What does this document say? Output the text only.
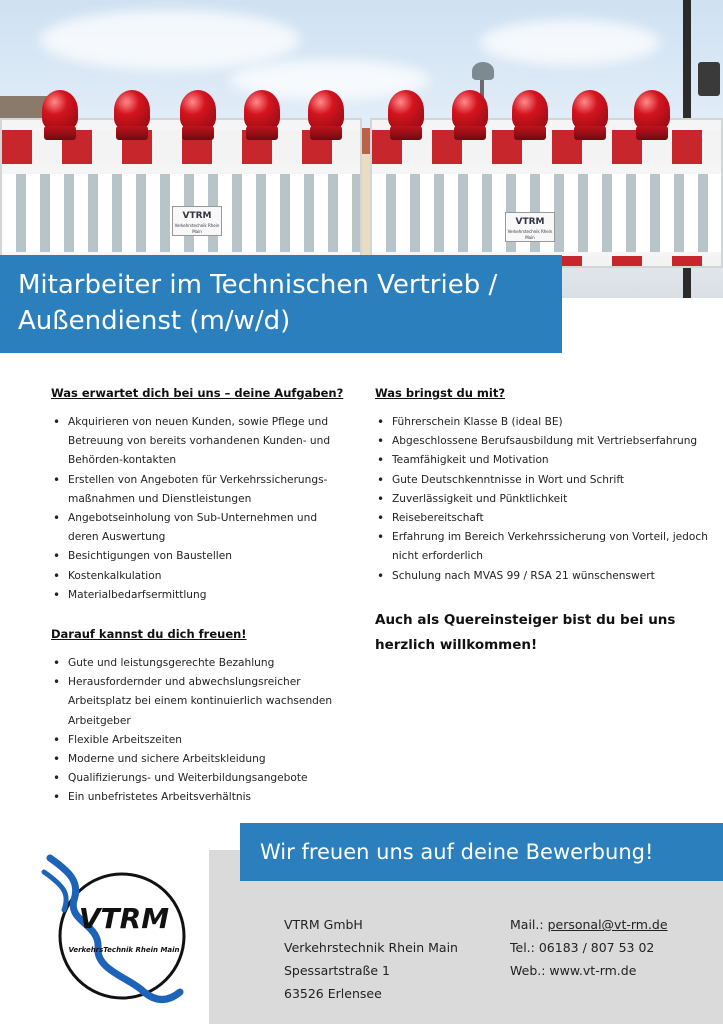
VTRM
Verkehrstechnik Rhein Main
VTRM
Verkehrstechnik Rhein Main
Mitarbeiter im Technischen Vertrieb /
Außendienst (m/w/d)
Was erwartet dich bei uns – deine Aufgaben?
• Akquirieren von neuen Kunden, sowie Pflege und Betreuung von bereits vorhandenen Kunden- und Behörden-kontakten
• Erstellen von Angeboten für Verkehrssicherungs-maßnahmen und Dienstleistungen
• Angebotseinholung von Sub-Unternehmen und deren Auswertung
• Besichtigungen von Baustellen
• Kostenkalkulation
• Materialbedarfsermittlung
Darauf kannst du dich freuen!
• Gute und leistungsgerechte Bezahlung
• Herausfordernder und abwechslungsreicher Arbeitsplatz bei einem kontinuierlich wachsenden Arbeitgeber
• Flexible Arbeitszeiten
• Moderne und sichere Arbeitskleidung
• Qualifizierungs- und Weiterbildungsangebote
• Ein unbefristetes Arbeitsverhältnis
Was bringst du mit?
• Führerschein Klasse B (ideal BE)
• Abgeschlossene Berufsausbildung mit Vertriebserfahrung
• Teamfähigkeit und Motivation
• Gute Deutschkenntnisse in Wort und Schrift
• Zuverlässigkeit und Pünktlichkeit
• Reisebereitschaft
• Erfahrung im Bereich Verkehrssicherung von Vorteil, jedoch nicht erforderlich
• Schulung nach MVAS 99 / RSA 21 wünschenswert
Auch als Quereinsteiger bist du bei uns
herzlich willkommen!
Wir freuen uns auf deine Bewerbung!
VTRM GmbH
Verkehrstechnik Rhein Main
Spessartstraße 1
63526 Erlensee
Mail.: personal@vt-rm.de
Tel.: 06183 / 807 53 02
Web.: www.vt-rm.de
VTRM
VerkehrsTechnik Rhein Main
